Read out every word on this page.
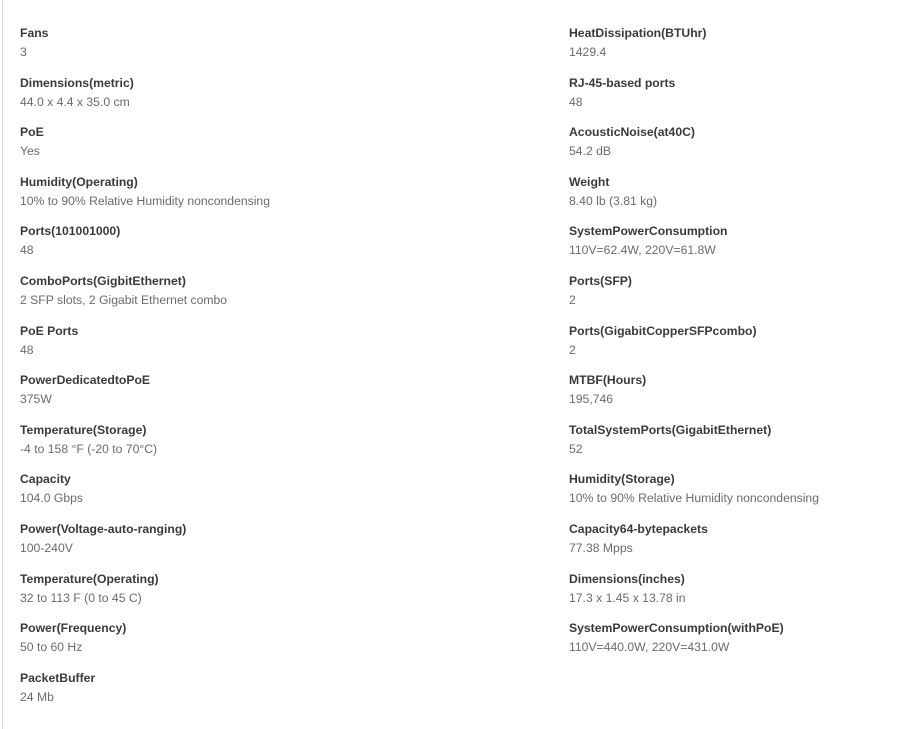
Fans
3
Dimensions(metric)
44.0 x 4.4 x 35.0 cm
PoE
Yes
Humidity(Operating)
10% to 90% Relative Humidity noncondensing
Ports(101001000)
48
ComboPorts(GigbitEthernet)
2 SFP slots, 2 Gigabit Ethernet combo
PoE Ports
48
PowerDedicatedtoPoE
375W
Temperature(Storage)
-4 to 158 °F (-20 to 70°C)
Capacity
104.0 Gbps
Power(Voltage-auto-ranging)
100-240V
Temperature(Operating)
32 to 113 F (0 to 45 C)
Power(Frequency)
50 to 60 Hz
PacketBuffer
24 Mb
HeatDissipation(BTUhr)
1429.4
RJ-45-based ports
48
AcousticNoise(at40C)
54.2 dB
Weight
8.40 lb (3.81 kg)
SystemPowerConsumption
110V=62.4W, 220V=61.8W
Ports(SFP)
2
Ports(GigabitCopperSFPcombo)
2
MTBF(Hours)
195,746
TotalSystemPorts(GigabitEthernet)
52
Humidity(Storage)
10% to 90% Relative Humidity noncondensing
Capacity64-bytepackets
77.38 Mpps
Dimensions(inches)
17.3 x 1.45 x 13.78 in
SystemPowerConsumption(withPoE)
110V=440.0W, 220V=431.0W
